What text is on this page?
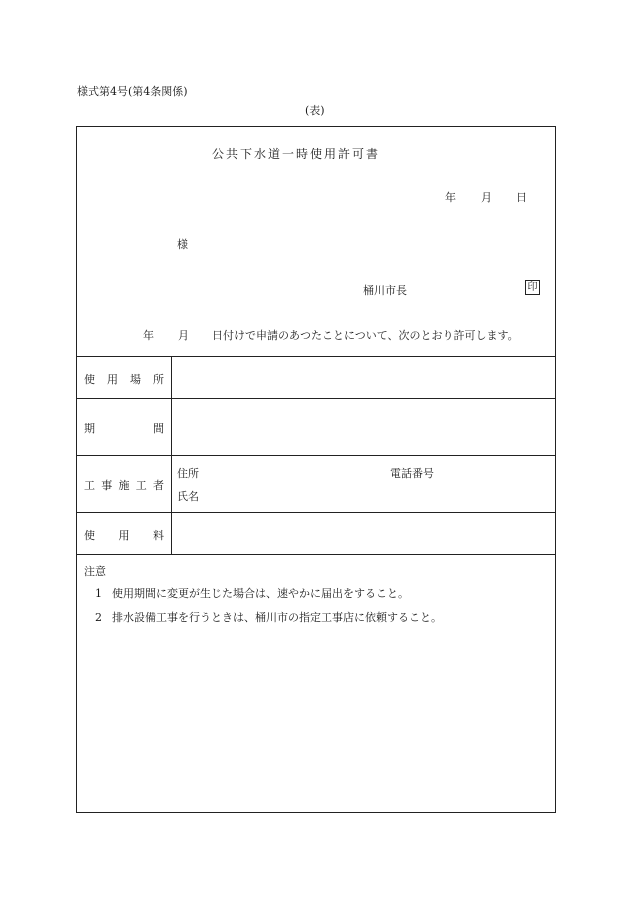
様式第4号(第4条関係)
(表)
公共下水道一時使用許可書
年 月 日
様
桶川市長	印
年 月 日付けで申請のあつたことについて、次のとおり許可します。
使用場所
期間
工事施工者
使用料
住所	電話番号
氏名
注意
1 使用期間に変更が生じた場合は、速やかに届出をすること。
2 排水設備工事を行うときは、桶川市の指定工事店に依頼すること。
